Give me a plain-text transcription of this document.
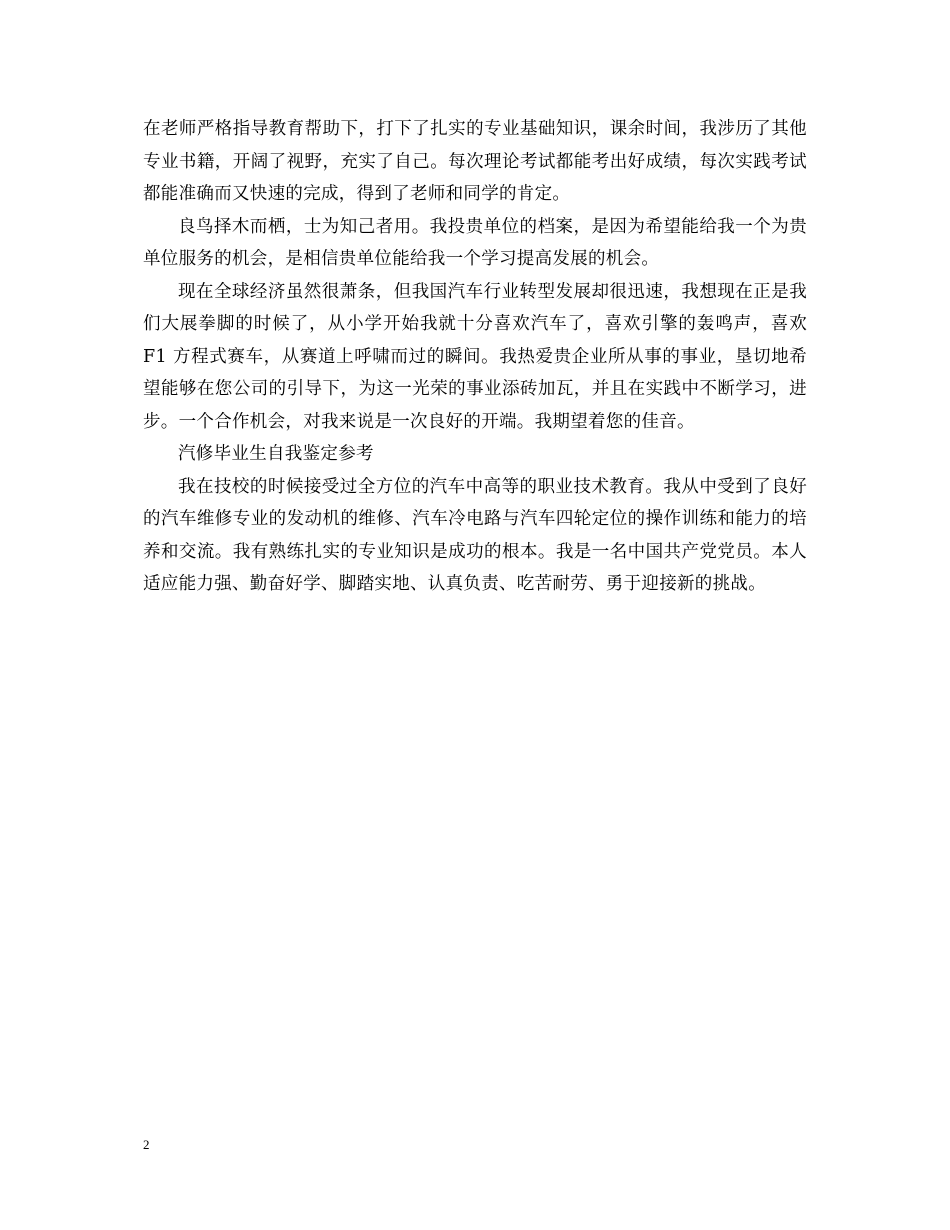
在老师严格指导教育帮助下，打下了扎实的专业基础知识，课余时间，我涉历了其他专业书籍，开阔了视野，充实了自己。每次理论考试都能考出好成绩，每次实践考试都能准确而又快速的完成，得到了老师和同学的肯定。

良鸟择木而栖，士为知己者用。我投贵单位的档案，是因为希望能给我一个为贵单位服务的机会，是相信贵单位能给我一个学习提高发展的机会。

现在全球经济虽然很萧条，但我国汽车行业转型发展却很迅速，我想现在正是我们大展拳脚的时候了，从小学开始我就十分喜欢汽车了，喜欢引擎的轰鸣声，喜欢 F1 方程式赛车，从赛道上呼啸而过的瞬间。我热爱贵企业所从事的事业，垦切地希望能够在您公司的引导下，为这一光荣的事业添砖加瓦，并且在实践中不断学习，进步。一个合作机会，对我来说是一次良好的开端。我期望着您的佳音。

汽修毕业生自我鉴定参考

我在技校的时候接受过全方位的汽车中高等的职业技术教育。我从中受到了良好的汽车维修专业的发动机的维修、汽车冷电路与汽车四轮定位的操作训练和能力的培养和交流。我有熟练扎实的专业知识是成功的根本。我是一名中国共产党党员。本人适应能力强、勤奋好学、脚踏实地、认真负责、吃苦耐劳、勇于迎接新的挑战。

2
